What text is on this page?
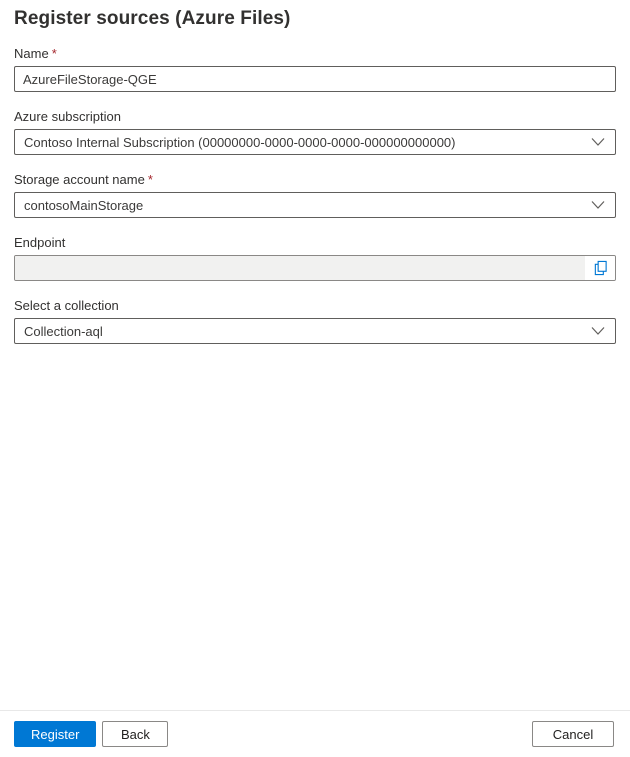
Register sources (Azure Files)
Name *
AzureFileStorage-QGE
Azure subscription
Contoso Internal Subscription (00000000-0000-0000-0000-000000000000)
Storage account name *
contosoMainStorage
Endpoint
Select a collection
Collection-aql
Register	Back	Cancel
